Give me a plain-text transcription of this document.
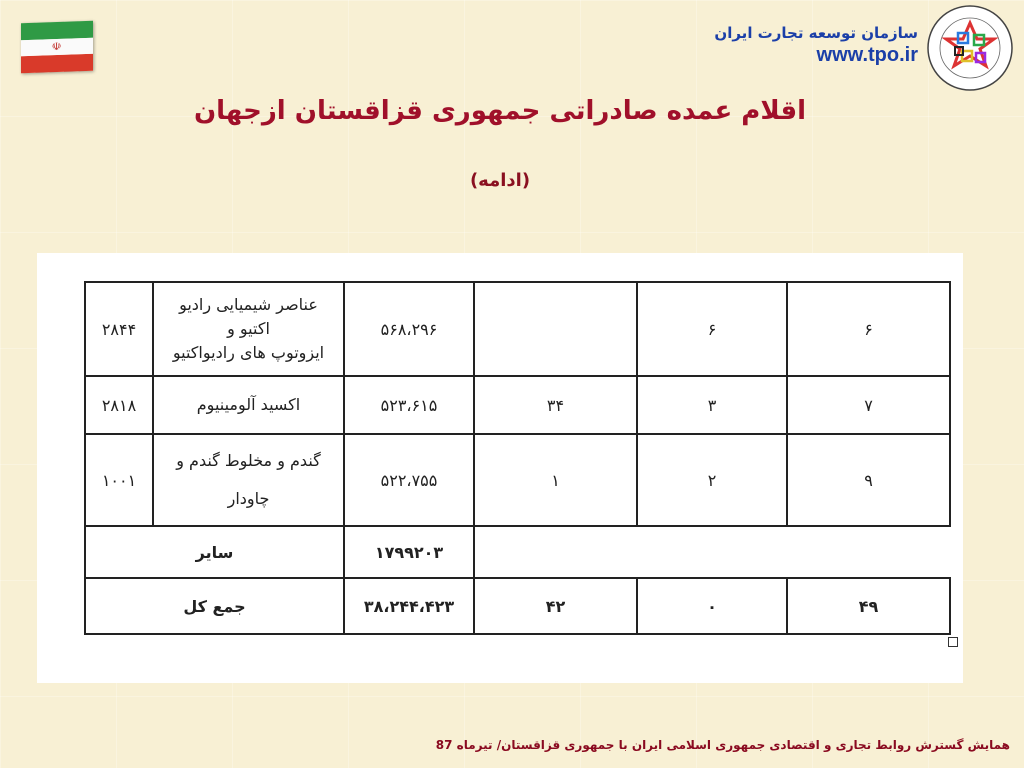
☫
سازمان توسعه تجارت ایران
www.tpo.ir
اقلام عمده صادراتی جمهوری قزاقستان ازجهان
(ادامه)
۲۸۴۴	عناصر شیمیایی رادیو
اکتیو و
ایزوتوپ های رادیواکتیو	۵۶۸،۲۹۶		۶	۶
۲۸۱۸	اکسید آلومینیوم	۵۲۳،۶۱۵	۳۴	۳	۷
۱۰۰۱	گندم و مخلوط گندم و
چاودار	۵۲۲،۷۵۵	۱	۲	۹
سایر		۱۷۹۹۲۰۳			
جمع کل		۳۸،۲۴۴،۴۲۳	۴۲	۰	۴۹
همایش گسترش روابط تجاری و اقتصادی جمهوری اسلامی ایران با جمهوری قزاقستان/ تیرماه 87
